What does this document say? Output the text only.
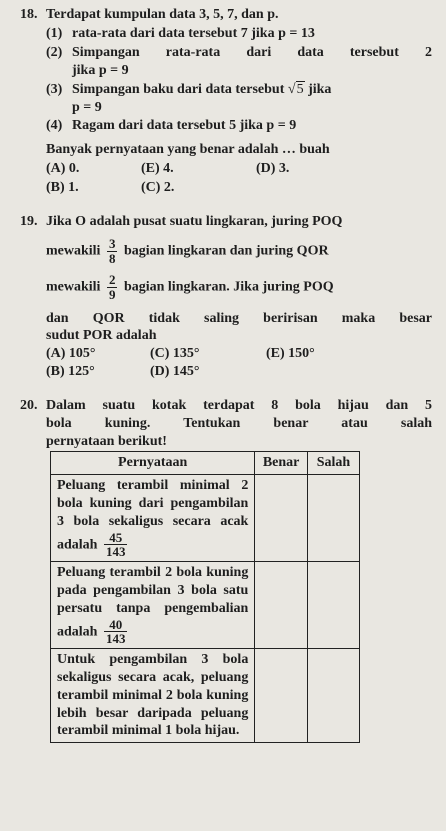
18. Terdapat kumpulan data 3, 5, 7, dan p.
(1) rata-rata dari data tersebut 7 jika p = 13
(2) Simpangan rata-rata dari data tersebut 2
jika p = 9
(3) Simpangan baku dari data tersebut √5 jika
p = 9
(4) Ragam dari data tersebut 5 jika p = 9
Banyak pernyataan yang benar adalah … buah
(A) 0.	(E) 4.	(D) 3.
(B) 1.	(C) 2.
19. Jika O adalah pusat suatu lingkaran, juring POQ
mewakili $\frac{3}{8}$ bagian lingkaran dan juring QOR
mewakili $\frac{2}{9}$ bagian lingkaran. Jika juring POQ
dan QOR tidak saling beririsan maka besar
sudut POR adalah
(A) 105°	(C) 135°	(E) 150°
(B) 125°	(D) 145°
20. Dalam suatu kotak terdapat 8 bola hijau dan 5
bola kuning. Tentukan benar atau salah
pernyataan berikut!
Pernyataan	Benar	Salah
Peluang terambil minimal 2 bola kuning dari pengambilan 3 bola sekaligus secara acak adalah $\frac{45}{143}$

Peluang terambil 2 bola kuning pada pengambilan 3 bola satu persatu tanpa pengembalian adalah $\frac{40}{143}$

Untuk pengambilan 3 bola sekaligus secara acak, peluang terambil minimal 2 bola kuning lebih besar daripada peluang terambil minimal 1 bola hijau.		
